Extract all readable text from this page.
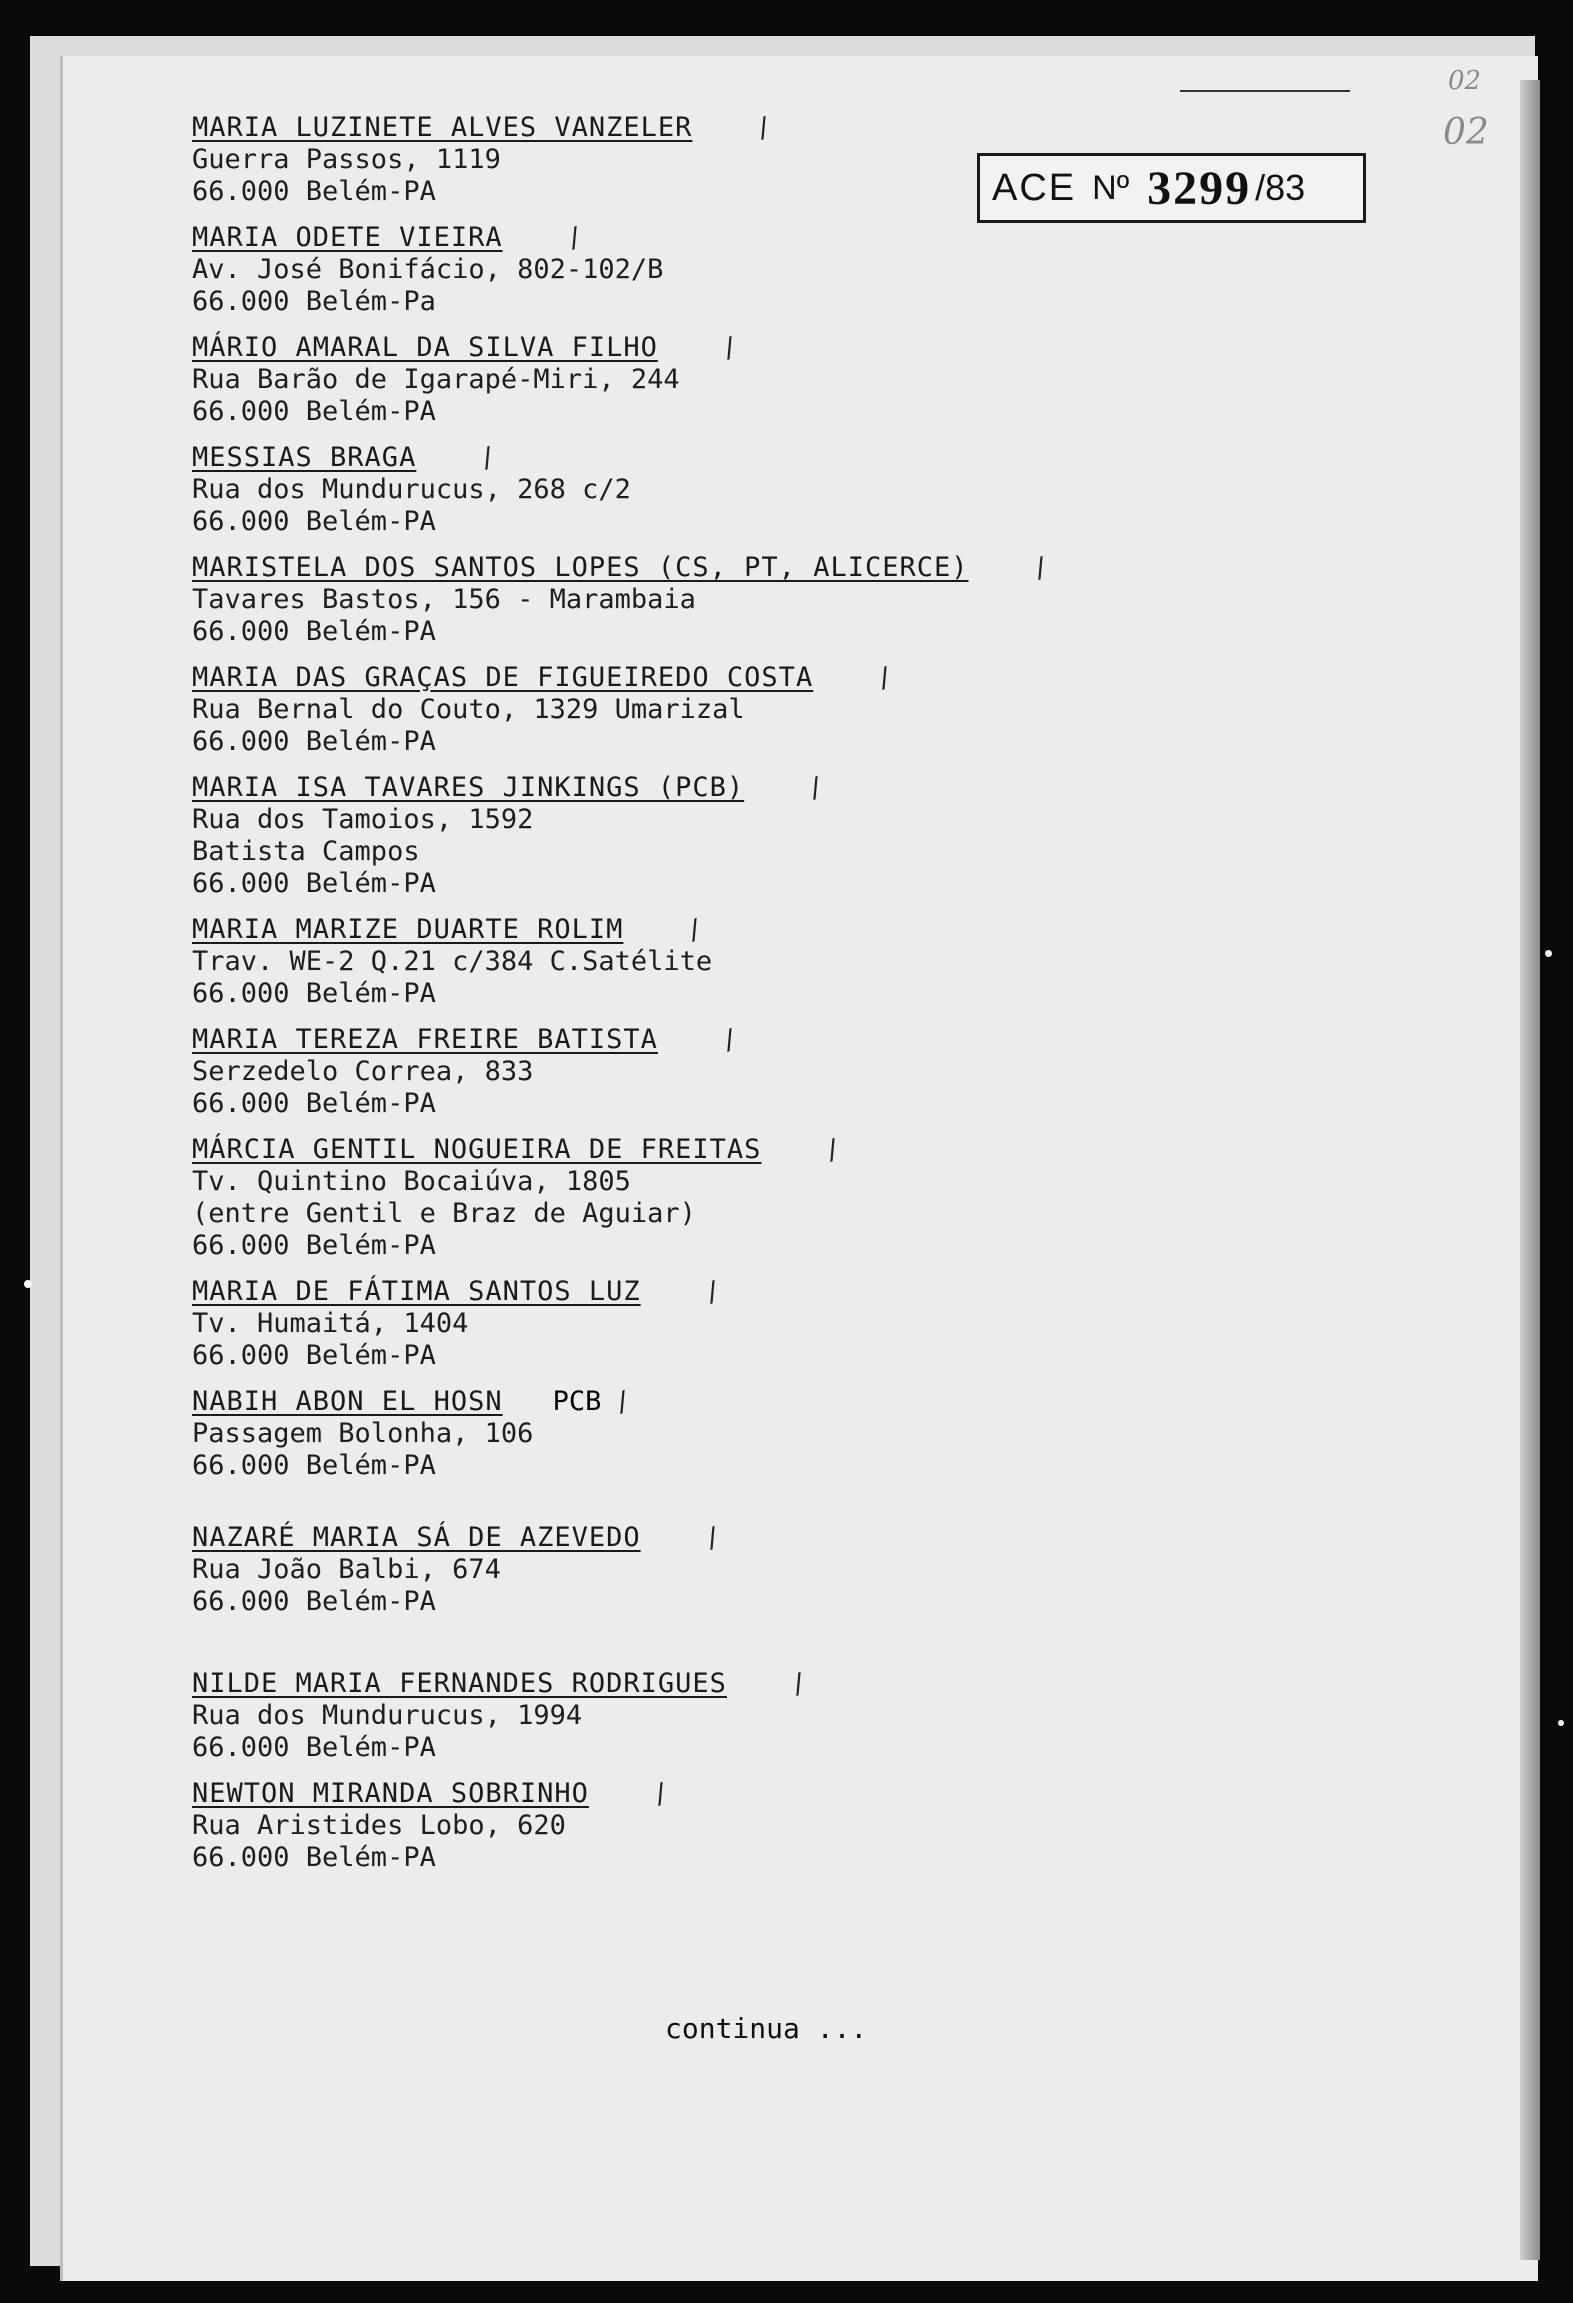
02
02
ACE Nº 3299 /83
MARIA LUZINETE ALVES VANZELER /
Guerra Passos, 1119
66.000 Belém-PA
MARIA ODETE VIEIRA /
Av. José Bonifácio, 802-102/B
66.000 Belém-Pa
MÁRIO AMARAL DA SILVA FILHO /
Rua Barão de Igarapé-Miri, 244
66.000 Belém-PA
MESSIAS BRAGA /
Rua dos Mundurucus, 268 c/2
66.000 Belém-PA
MARISTELA DOS SANTOS LOPES (CS, PT, ALICERCE) /
Tavares Bastos, 156 - Marambaia
66.000 Belém-PA
MARIA DAS GRAÇAS DE FIGUEIREDO COSTA /
Rua Bernal do Couto, 1329 Umarizal
66.000 Belém-PA
MARIA ISA TAVARES JINKINGS (PCB) /
Rua dos Tamoios, 1592
Batista Campos
66.000 Belém-PA
MARIA MARIZE DUARTE ROLIM /
Trav. WE-2 Q.21 c/384 C.Satélite
66.000 Belém-PA
MARIA TEREZA FREIRE BATISTA /
Serzedelo Correa, 833
66.000 Belém-PA
MÁRCIA GENTIL NOGUEIRA DE FREITAS /
Tv. Quintino Bocaiúva, 1805
(entre Gentil e Braz de Aguiar)
66.000 Belém-PA
MARIA DE FÁTIMA SANTOS LUZ /
Tv. Humaitá, 1404
66.000 Belém-PA
NABIH ABON EL HOSN PCB /
Passagem Bolonha, 106
66.000 Belém-PA
NAZARÉ MARIA SÁ DE AZEVEDO /
Rua João Balbi, 674
66.000 Belém-PA
NILDE MARIA FERNANDES RODRIGUES /
Rua dos Mundurucus, 1994
66.000 Belém-PA
NEWTON MIRANDA SOBRINHO /
Rua Aristides Lobo, 620
66.000 Belém-PA
continua ...
